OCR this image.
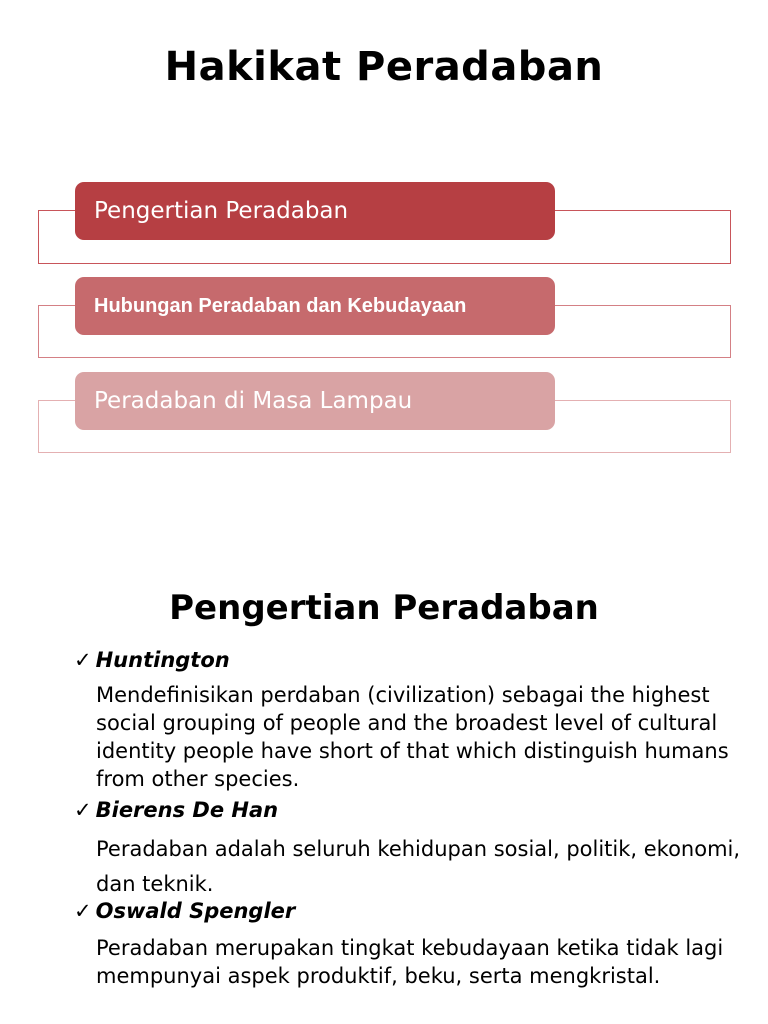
Hakikat Peradaban
Pengertian Peradaban
Hubungan Peradaban dan Kebudayaan
Peradaban di Masa Lampau
Pengertian Peradaban
✓ Huntington
Mendefinisikan perdaban (civilization) sebagai the highest social grouping of people and the broadest level of cultural identity people have short of that which distinguish humans from other species.
✓ Bierens De Han
Peradaban adalah seluruh kehidupan sosial, politik, ekonomi, dan teknik.
✓ Oswald Spengler
Peradaban merupakan tingkat kebudayaan ketika tidak lagi mempunyai aspek produktif, beku, serta mengkristal.
